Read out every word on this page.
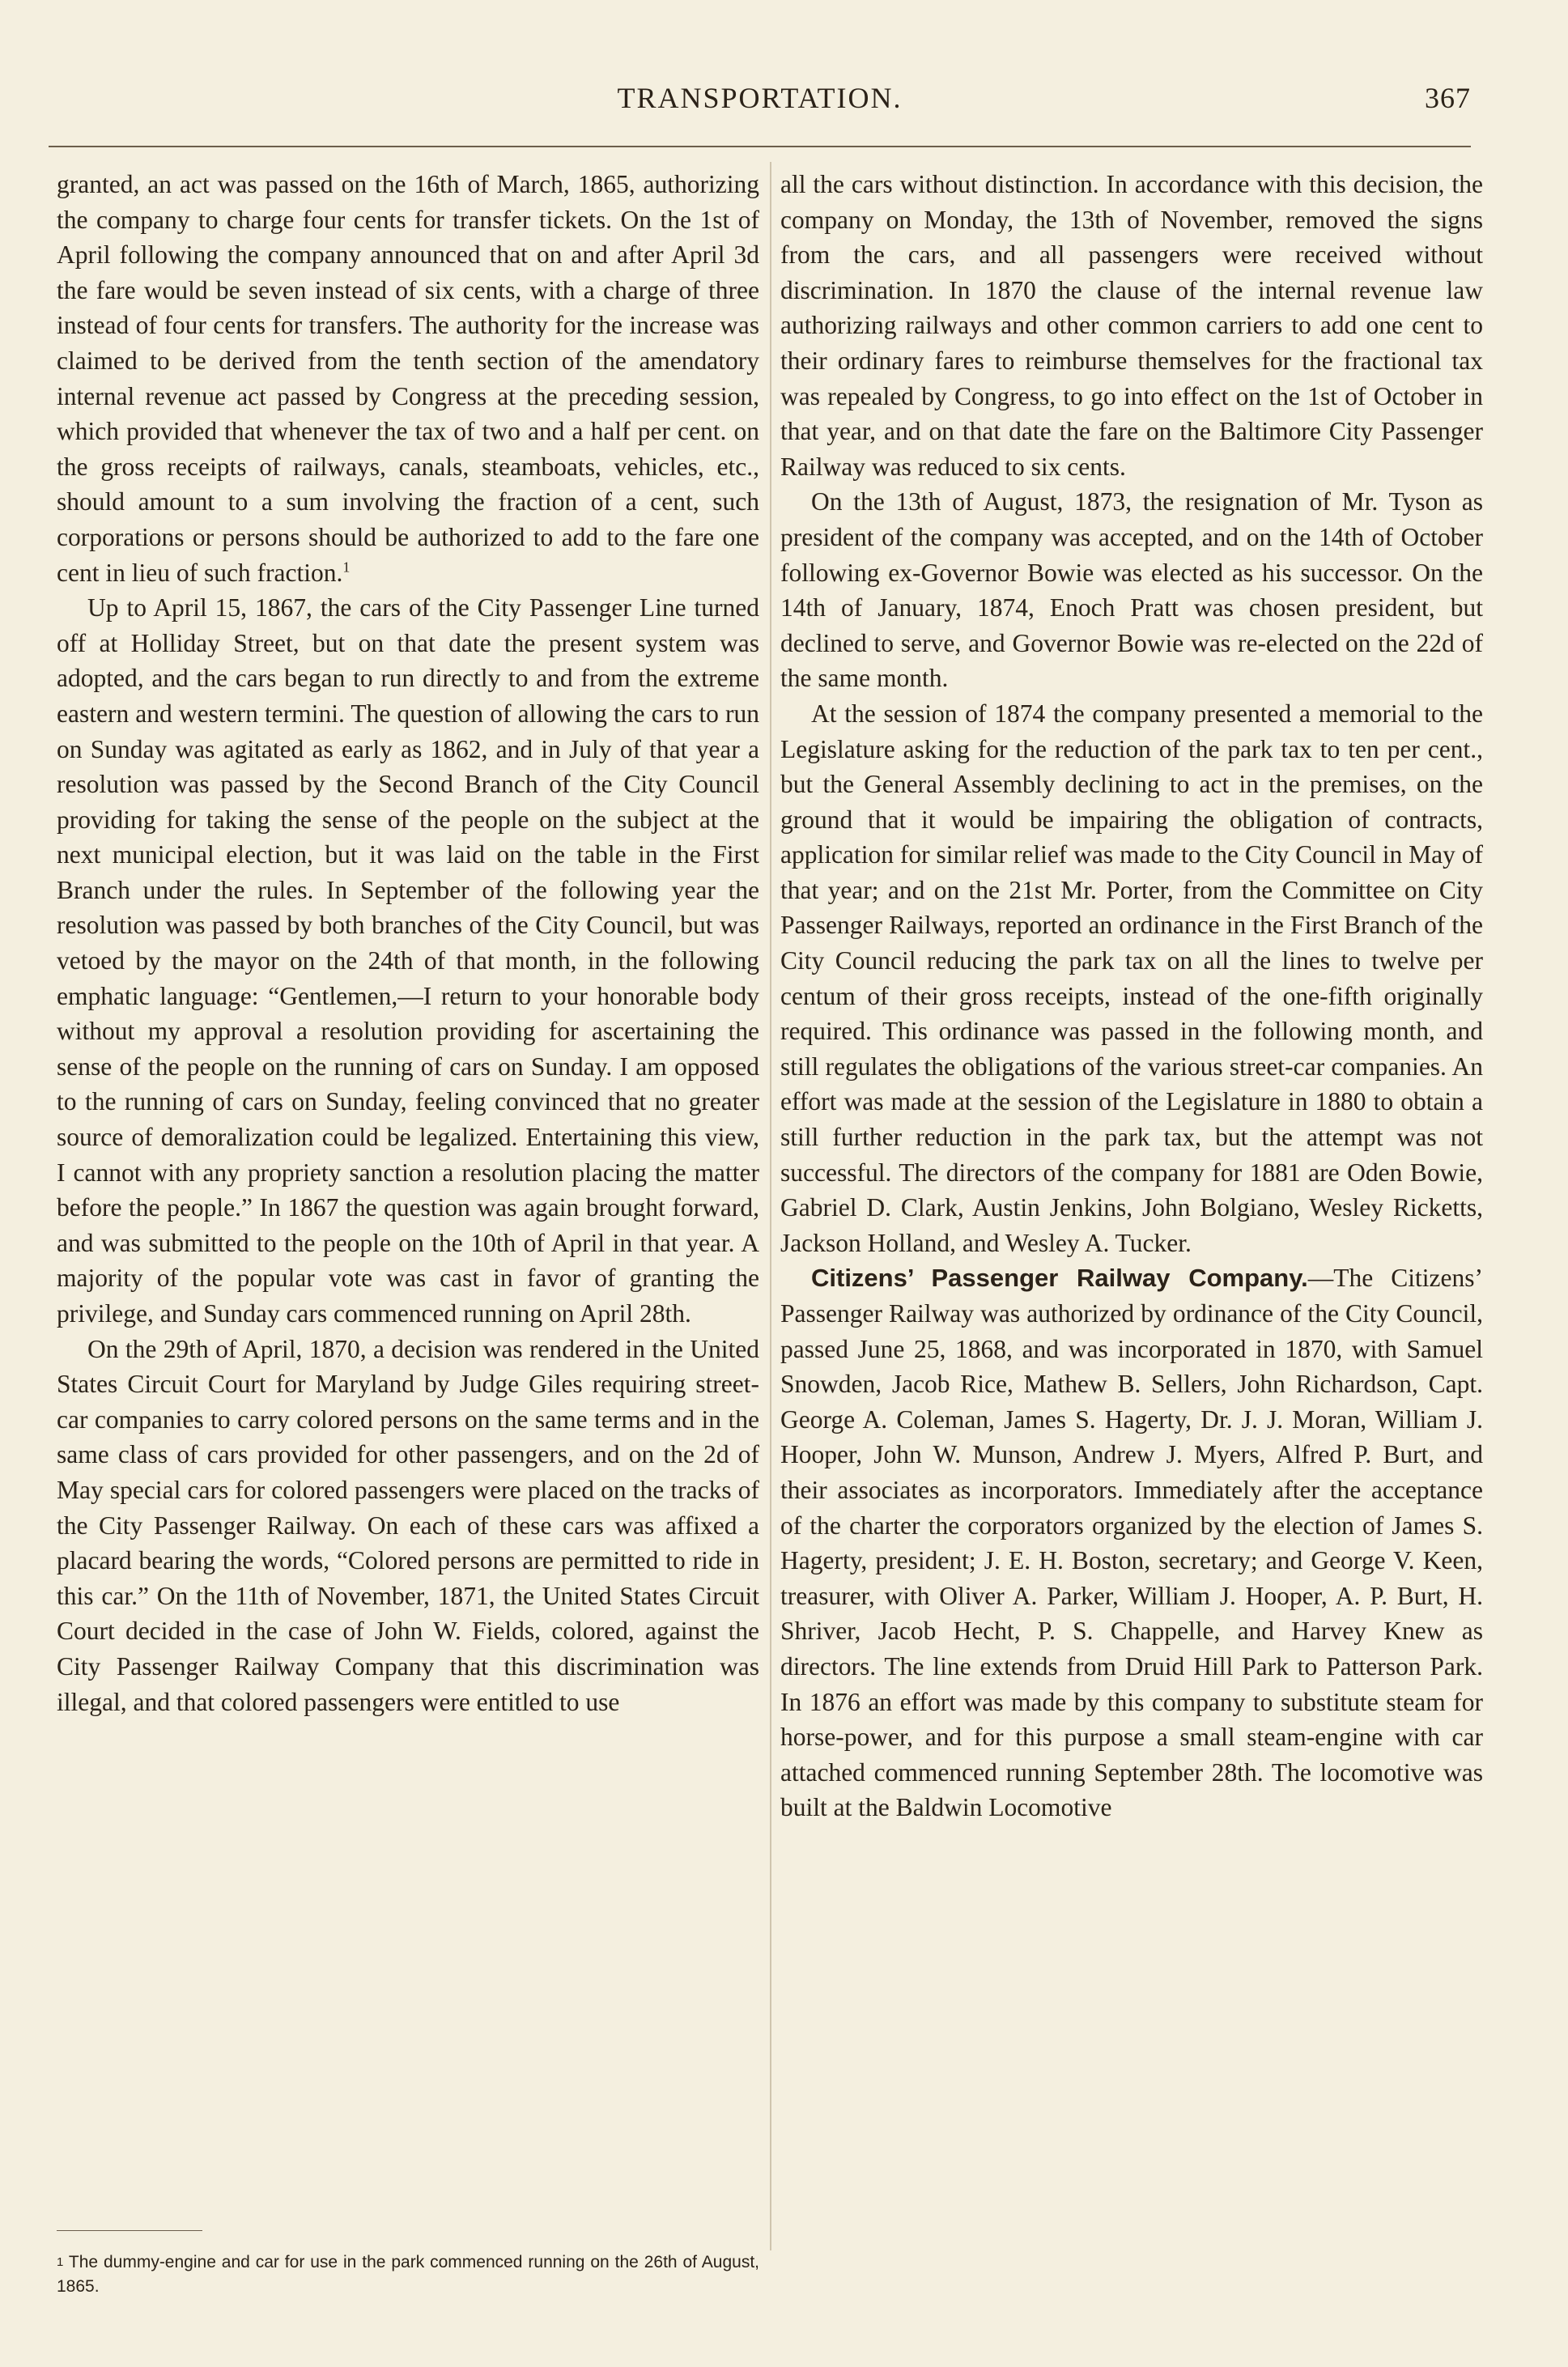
TRANSPORTATION.	367

granted, an act was passed on the 16th of March, 1865, authorizing the company to charge four cents for transfer tickets. On the 1st of April following the company announced that on and after April 3d the fare would be seven instead of six cents, with a charge of three instead of four cents for transfers. The authority for the increase was claimed to be derived from the tenth section of the amendatory internal revenue act passed by Congress at the preceding session, which provided that whenever the tax of two and a half per cent. on the gross receipts of railways, canals, steamboats, vehicles, etc., should amount to a sum involving the fraction of a cent, such corporations or persons should be authorized to add to the fare one cent in lieu of such fraction.$^1$

Up to April 15, 1867, the cars of the City Passenger Line turned off at Holliday Street, but on that date the present system was adopted, and the cars began to run directly to and from the extreme eastern and western termini. The question of allowing the cars to run on Sunday was agitated as early as 1862, and in July of that year a resolution was passed by the Second Branch of the City Council providing for taking the sense of the people on the subject at the next municipal election, but it was laid on the table in the First Branch under the rules. In September of the following year the resolution was passed by both branches of the City Council, but was vetoed by the mayor on the 24th of that month, in the following emphatic language: “Gentlemen,—I return to your honorable body without my approval a resolution providing for ascertaining the sense of the people on the running of cars on Sunday. I am opposed to the running of cars on Sunday, feeling convinced that no greater source of demoralization could be legalized. Entertaining this view, I cannot with any propriety sanction a resolution placing the matter before the people.” In 1867 the question was again brought forward, and was submitted to the people on the 10th of April in that year. A majority of the popular vote was cast in favor of granting the privilege, and Sunday cars commenced running on April 28th.

On the 29th of April, 1870, a decision was rendered in the United States Circuit Court for Maryland by Judge Giles requiring street-car companies to carry colored persons on the same terms and in the same class of cars provided for other passengers, and on the 2d of May special cars for colored passengers were placed on the tracks of the City Passenger Railway. On each of these cars was affixed a placard bearing the words, “Colored persons are permitted to ride in this car.” On the 11th of November, 1871, the United States Circuit Court decided in the case of John W. Fields, colored, against the City Passenger Railway Company that this discrimination was illegal, and that colored passengers were entitled to use

all the cars without distinction. In accordance with this decision, the company on Monday, the 13th of November, removed the signs from the cars, and all passengers were received without discrimination. In 1870 the clause of the internal revenue law authorizing railways and other common carriers to add one cent to their ordinary fares to reimburse themselves for the fractional tax was repealed by Congress, to go into effect on the 1st of October in that year, and on that date the fare on the Baltimore City Passenger Railway was reduced to six cents.

On the 13th of August, 1873, the resignation of Mr. Tyson as president of the company was accepted, and on the 14th of October following ex-Governor Bowie was elected as his successor. On the 14th of January, 1874, Enoch Pratt was chosen president, but declined to serve, and Governor Bowie was re-elected on the 22d of the same month.

At the session of 1874 the company presented a memorial to the Legislature asking for the reduction of the park tax to ten per cent., but the General Assembly declining to act in the premises, on the ground that it would be impairing the obligation of contracts, application for similar relief was made to the City Council in May of that year; and on the 21st Mr. Porter, from the Committee on City Passenger Railways, reported an ordinance in the First Branch of the City Council reducing the park tax on all the lines to twelve per centum of their gross receipts, instead of the one-fifth originally required. This ordinance was passed in the following month, and still regulates the obligations of the various street-car companies. An effort was made at the session of the Legislature in 1880 to obtain a still further reduction in the park tax, but the attempt was not successful. The directors of the company for 1881 are Oden Bowie, Gabriel D. Clark, Austin Jenkins, John Bolgiano, Wesley Ricketts, Jackson Holland, and Wesley A. Tucker.

Citizens’ Passenger Railway Company.—The Citizens’ Passenger Railway was authorized by ordinance of the City Council, passed June 25, 1868, and was incorporated in 1870, with Samuel Snowden, Jacob Rice, Mathew B. Sellers, John Richardson, Capt. George A. Coleman, James S. Hagerty, Dr. J. J. Moran, William J. Hooper, John W. Munson, Andrew J. Myers, Alfred P. Burt, and their associates as incorporators. Immediately after the acceptance of the charter the corporators organized by the election of James S. Hagerty, president; J. E. H. Boston, secretary; and George V. Keen, treasurer, with Oliver A. Parker, William J. Hooper, A. P. Burt, H. Shriver, Jacob Hecht, P. S. Chappelle, and Harvey Knew as directors. The line extends from Druid Hill Park to Patterson Park. In 1876 an effort was made by this company to substitute steam for horse-power, and for this purpose a small steam-engine with car attached commenced running September 28th. The locomotive was built at the Baldwin Locomotive

$^1$ The dummy-engine and car for use in the park commenced running on the 26th of August, 1865.
